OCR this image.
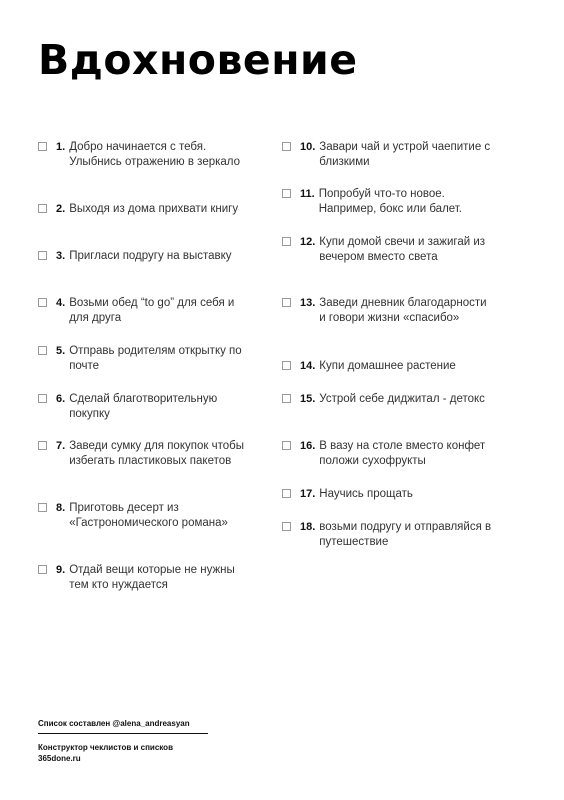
Вдохновение
1. Добро начинается с тебя. Улыбнись отражению в зеркало
2. Выходя из дома прихвати книгу
3. Пригласи подругу на выставку
4. Возьми обед “to go” для себя и для друга
5. Отправь родителям открытку по почте
6. Сделай благотворительную покупку
7. Заведи сумку для покупок чтобы избегать пластиковых пакетов
8. Приготовь десерт из «Гастрономического романа»
9. Отдай вещи которые не нужны тем кто нуждается
10. Завари чай и устрой чаепитие с близкими
11. Попробуй что-то новое. Например, бокс или балет.
12. Купи домой свечи и зажигай из вечером вместо света
13. Заведи дневник благодарности и говори жизни «спасибо»
14. Купи домашнее растение
15. Устрой себе диджитал - детокс
16. В вазу на столе вместо конфет положи сухофрукты
17. Научись прощать
18. возьми подругу и отправляйся в путешествие
Список составлен @alena_andreasyan
Конструктор чеклистов и списков
365done.ru
